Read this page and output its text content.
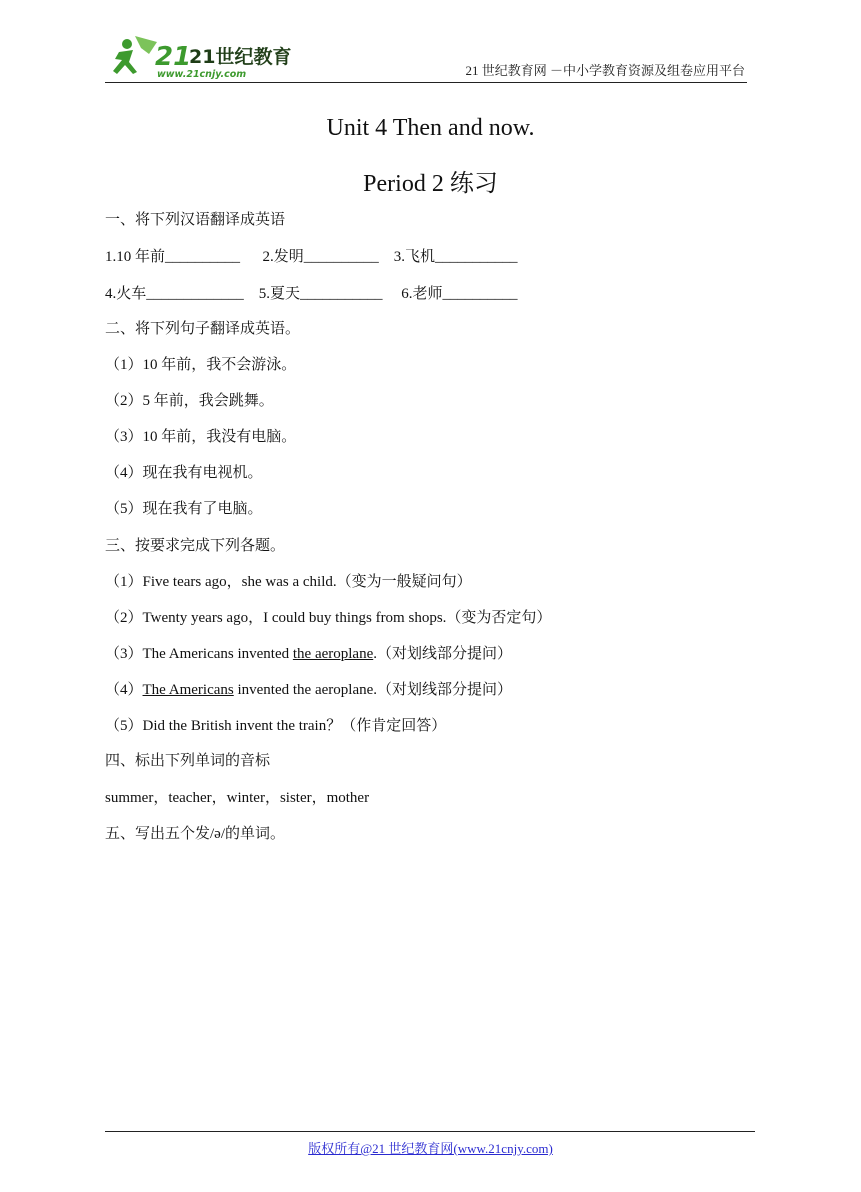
21
21世纪教育
www.21cnjy.com	21 世纪教育网 －中小学教育资源及组卷应用平台
Unit 4 Then and now.
Period 2 练习
一、将下列汉语翻译成英语
1.10 年前__________      2.发明__________    3.飞机___________
4.火车_____________    5.夏天___________     6.老师__________
二、将下列句子翻译成英语。
（1）10 年前，我不会游泳。
（2）5 年前，我会跳舞。
（3）10 年前，我没有电脑。
（4）现在我有电视机。
（5）现在我有了电脑。
三、按要求完成下列各题。
（1）Five tears ago，she was a child.（变为一般疑问句）
（2）Twenty years ago，I could buy things from shops.（变为否定句）
（3）The Americans invented the aeroplane.（对划线部分提问）
（4）The Americans invented the aeroplane.（对划线部分提问）
（5）Did the British invent the train？（作肯定回答）
四、标出下列单词的音标
summer，teacher，winter，sister，mother
五、写出五个发/ə/的单词。
版权所有@21 世纪教育网(www.21cnjy.com)
